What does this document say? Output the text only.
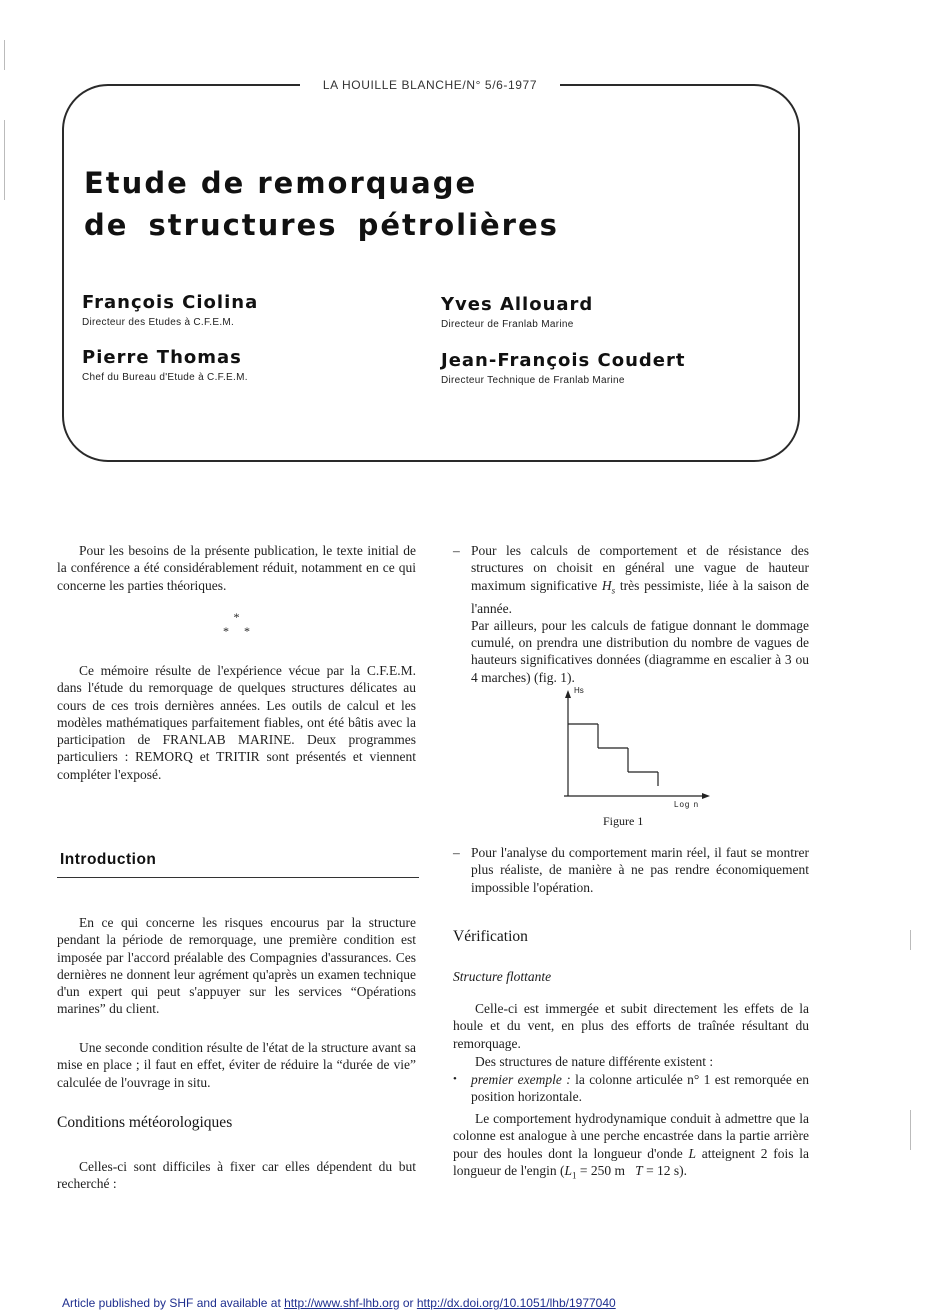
LA HOUILLE BLANCHE/N° 5/6-1977
Etude de remorquage
de structures pétrolières
François Ciolina
Directeur des Etudes à C.F.E.M.
Yves Allouard
Directeur de Franlab Marine
Pierre Thomas
Chef du Bureau d'Etude à C.F.E.M.
Jean-François Coudert
Directeur Technique de Franlab Marine
Pour les besoins de la présente publication, le texte initial de la conférence a été considérablement réduit, notamment en ce qui concerne les parties théoriques.
*
*     *
Ce mémoire résulte de l'expérience vécue par la C.F.E.M. dans l'étude du remorquage de quelques structures délicates au cours de ces trois dernières années. Les outils de calcul et les modèles mathématiques parfaitement fiables, ont été bâtis avec la participation de FRANLAB MARINE. Deux programmes particuliers : REMORQ et TRITIR sont présentés et viennent compléter l'exposé.
Introduction
En ce qui concerne les risques encourus par la structure pendant la période de remorquage, une première condition est imposée par l'accord préalable des Compagnies d'assurances. Ces dernières ne donnent leur agrément qu'après un examen technique d'un expert qui peut s'appuyer sur les services “Opérations marines” du client.
Une seconde condition résulte de l'état de la structure avant sa mise en place ; il faut en effet, éviter de réduire la “durée de vie” calculée de l'ouvrage in situ.
Conditions météorologiques
Celles-ci sont difficiles à fixer car elles dépendent du but recherché :
– Pour les calculs de comportement et de résistance des structures on choisit en général une vague de hauteur maximum significative $H_s$ très pessimiste, liée à la saison de l'année.
Par ailleurs, pour les calculs de fatigue donnant le dommage cumulé, on prendra une distribution du nombre de vagues de hauteurs significatives données (diagramme en escalier à 3 ou 4 marches) (fig. 1).
Hs
Log n
Figure 1
– Pour l'analyse du comportement marin réel, il faut se montrer plus réaliste, de manière à ne pas rendre économiquement impossible l'opération.
Vérification
Structure flottante
Celle-ci est immergée et subit directement les effets de la houle et du vent, en plus des efforts de traînée résultant du remorquage.
Des structures de nature différente existent :
• premier exemple : la colonne articulée n° 1 est remorquée en position horizontale.
Le comportement hydrodynamique conduit à admettre que la colonne est analogue à une perche encastrée dans la partie arrière pour des houles dont la longueur d'onde L atteignent 2 fois la longueur de l'engin ($L_1 = 250$ m   T = 12 s).
Article published by SHF and available at http://www.shf-lhb.org or http://dx.doi.org/10.1051/lhb/1977040
